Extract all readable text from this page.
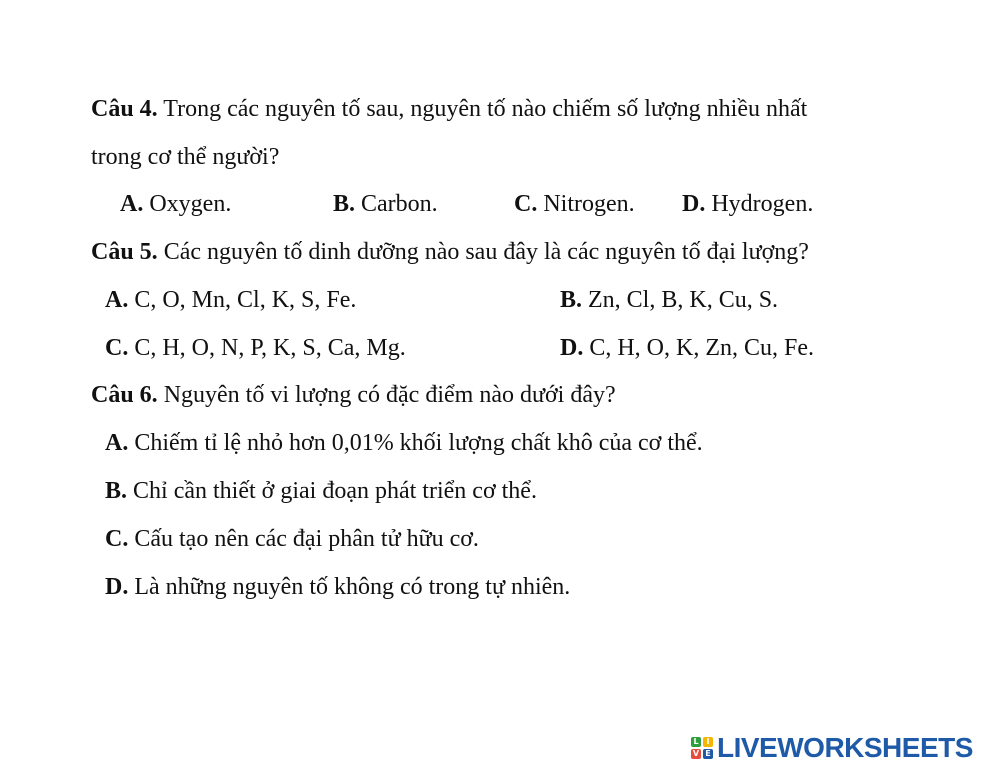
Câu 4. Trong các nguyên tố sau, nguyên tố nào chiếm số lượng nhiều nhất
trong cơ thể người?
A. Oxygen.	B. Carbon.	C. Nitrogen. D. Hydrogen.
Câu 5. Các nguyên tố dinh dưỡng nào sau đây là các nguyên tố đại lượng?
A. C, O, Mn, Cl, K, S, Fe.	B. Zn, Cl, B, K, Cu, S.
C. C, H, O, N, P, K, S, Ca, Mg.	D. C, H, O, K, Zn, Cu, Fe.
Câu 6. Nguyên tố vi lượng có đặc điểm nào dưới đây?
A. Chiếm tỉ lệ nhỏ hơn 0,01% khối lượng chất khô của cơ thể.
B. Chỉ cần thiết ở giai đoạn phát triển cơ thể.
C. Cấu tạo nên các đại phân tử hữu cơ.
D. Là những nguyên tố không có trong tự nhiên.
L I
V E LIVEWORKSHEETS
